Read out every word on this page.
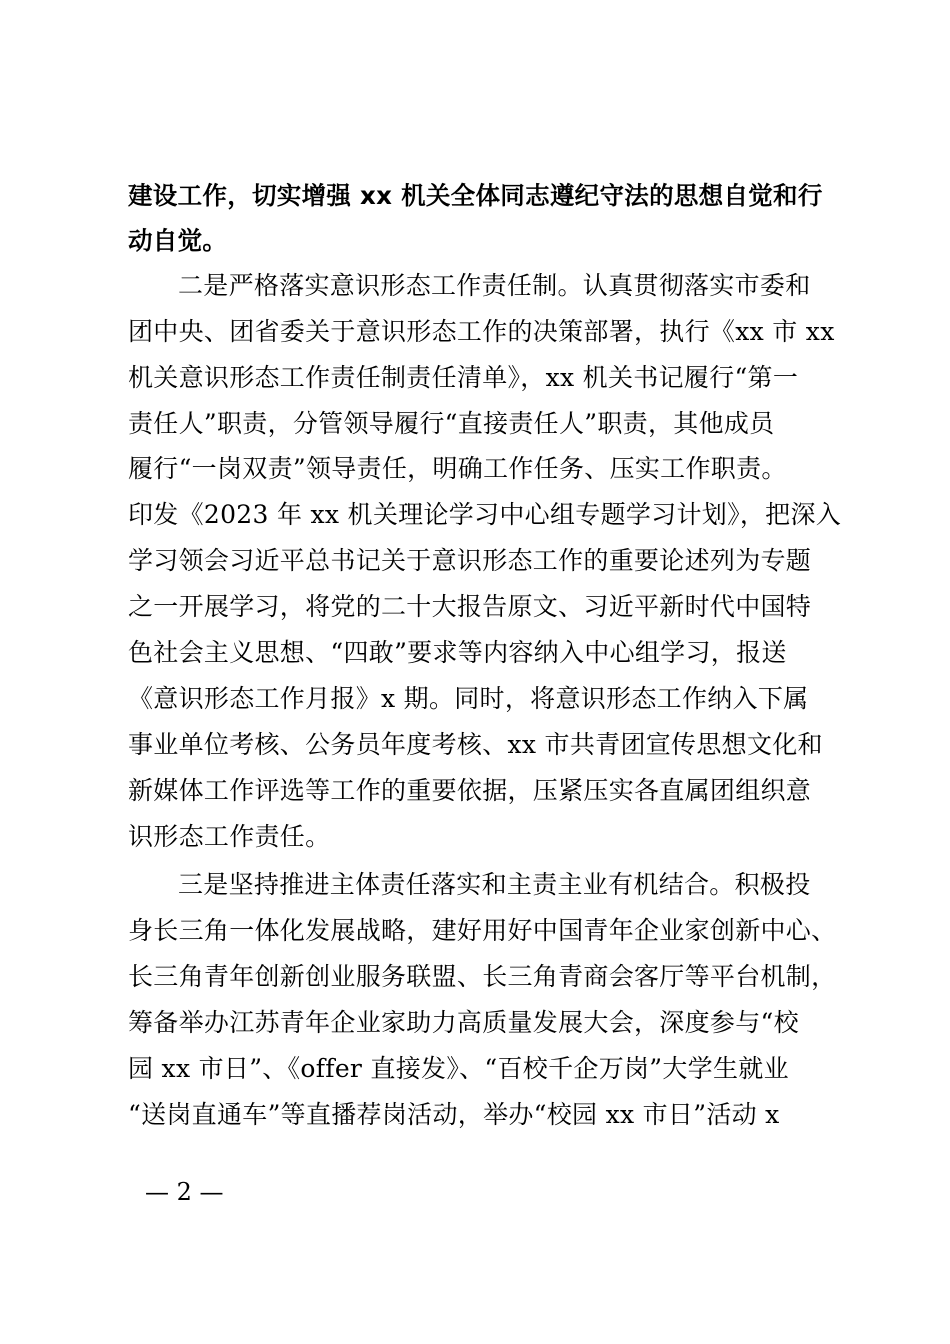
建设工作，切实增强 xx 机关全体同志遵纪守法的思想自觉和行
动自觉。
二是严格落实意识形态工作责任制。认真贯彻落实市委和
团中央、团省委关于意识形态工作的决策部署，执行《xx 市 xx
机关意识形态工作责任制责任清单》，xx 机关书记履行“第一
责任人”职责，分管领导履行“直接责任人”职责，其他成员
履行“一岗双责”领导责任，明确工作任务、压实工作职责。
印发《2023 年 xx 机关理论学习中心组专题学习计划》，把深入
学习领会习近平总书记关于意识形态工作的重要论述列为专题
之一开展学习，将党的二十大报告原文、习近平新时代中国特
色社会主义思想、“四敢”要求等内容纳入中心组学习，报送
《意识形态工作月报》x 期。同时，将意识形态工作纳入下属
事业单位考核、公务员年度考核、xx 市共青团宣传思想文化和
新媒体工作评选等工作的重要依据，压紧压实各直属团组织意
识形态工作责任。
三是坚持推进主体责任落实和主责主业有机结合。积极投
身长三角一体化发展战略，建好用好中国青年企业家创新中心、
长三角青年创新创业服务联盟、长三角青商会客厅等平台机制，
筹备举办江苏青年企业家助力高质量发展大会，深度参与“校
园 xx 市日”、《offer 直接发》、“百校千企万岗”大学生就业
“送岗直通车”等直播荐岗活动，举办“校园 xx 市日”活动 x
— 2 —
